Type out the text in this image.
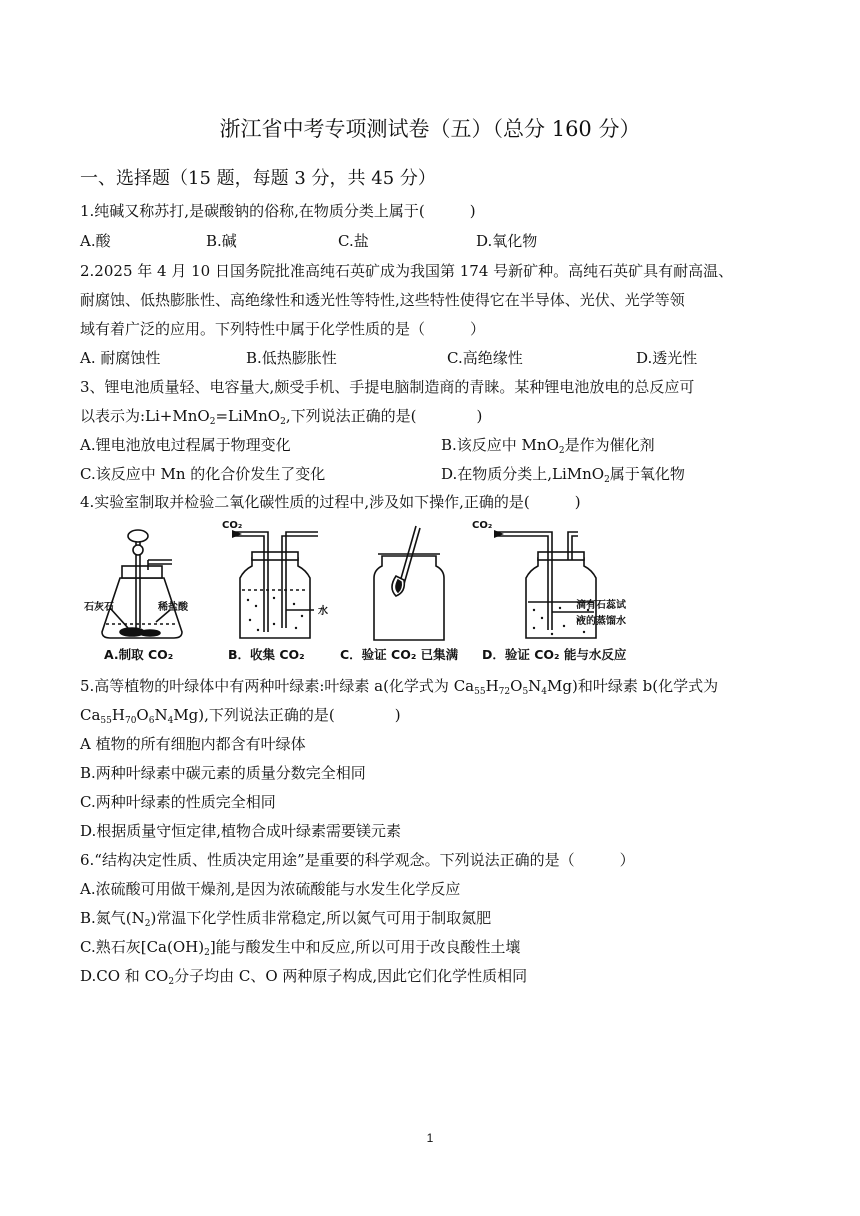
浙江省中考专项测试卷（五）（总分 160 分）
一、选择题（15 题，每题 3 分，共 45 分）
1.纯碱又称苏打,是碳酸钠的俗称,在物质分类上属于(　　　)
A.酸	B.碱	C.盐	D.氧化物
2.2025 年 4 月 10 日国务院批准高纯石英矿成为我国第 174 号新矿种。高纯石英矿具有耐高温、
耐腐蚀、低热膨胀性、高绝缘性和透光性等特性,这些特性使得它在半导体、光伏、光学等领
域有着广泛的应用。下列特性中属于化学性质的是（　　　）
A. 耐腐蚀性	B.低热膨胀性	C.高绝缘性	D.透光性
3、锂电池质量轻、电容量大,颇受手机、手提电脑制造商的青睐。某种锂电池放电的总反应可
以表示为:Li+MnO$_2$=LiMnO$_2$,下列说法正确的是(　　　　)
A.锂电池放电过程属于物理变化	B.该反应中 MnO$_2$是作为催化剂
C.该反应中 Mn 的化合价发生了变化	D.在物质分类上,LiMnO$_2$属于氧化物
4.实验室制取并检验二氧化碳性质的过程中,涉及如下操作,正确的是(　　　)
石灰石	稀盐酸
CO₂
水
CO₂
滴有石蕊试
液的蒸馏水
A.制取 CO₂	B．收集 CO₂	C．验证 CO₂ 已集满 D．验证 CO₂ 能与水反应
5.高等植物的叶绿体中有两种叶绿素:叶绿素 a(化学式为 $Ca_{55}H_{72}O_5N_4Mg$)和叶绿素 b(化学式为
$Ca_{55}H_{70}O_6N_4Mg$),下列说法正确的是(　　　　)
A 植物的所有细胞内都含有叶绿体
B.两种叶绿素中碳元素的质量分数完全相同
C.两种叶绿素的性质完全相同
D.根据质量守恒定律,植物合成叶绿素需要镁元素
6.“结构决定性质、性质决定用途”是重要的科学观念。下列说法正确的是（　　　）
A.浓硫酸可用做干燥剂,是因为浓硫酸能与水发生化学反应
B.氮气$(N_2)$常温下化学性质非常稳定,所以氮气可用于制取氮肥
C.熟石灰$[Ca(OH)_2]$能与酸发生中和反应,所以可用于改良酸性土壤
D.CO 和 $CO_2$分子均由 C、O 两种原子构成,因此它们化学性质相同
1
